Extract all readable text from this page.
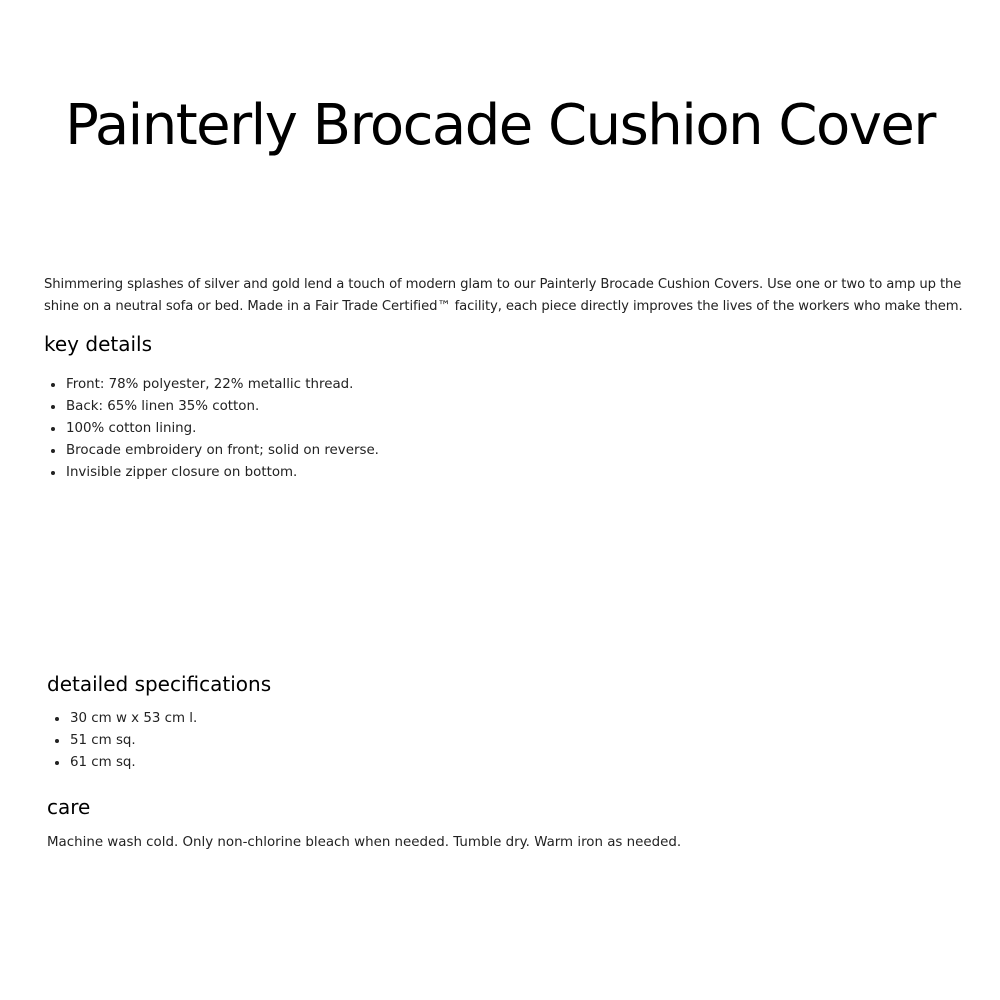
Painterly Brocade Cushion Cover

Shimmering splashes of silver and gold lend a touch of modern glam to our Painterly Brocade Cushion Covers. Use one or two to amp up the shine on a neutral sofa or bed. Made in a Fair Trade Certified™ facility, each piece directly improves the lives of the workers who make them.

key details
Front: 78% polyester, 22% metallic thread.
Back: 65% linen 35% cotton.
100% cotton lining.
Brocade embroidery on front; solid on reverse.
Invisible zipper closure on bottom.
detailed specifications
30 cm w x 53 cm l.
51 cm sq.
61 cm sq.
care

Machine wash cold. Only non-chlorine bleach when needed. Tumble dry. Warm iron as needed.
